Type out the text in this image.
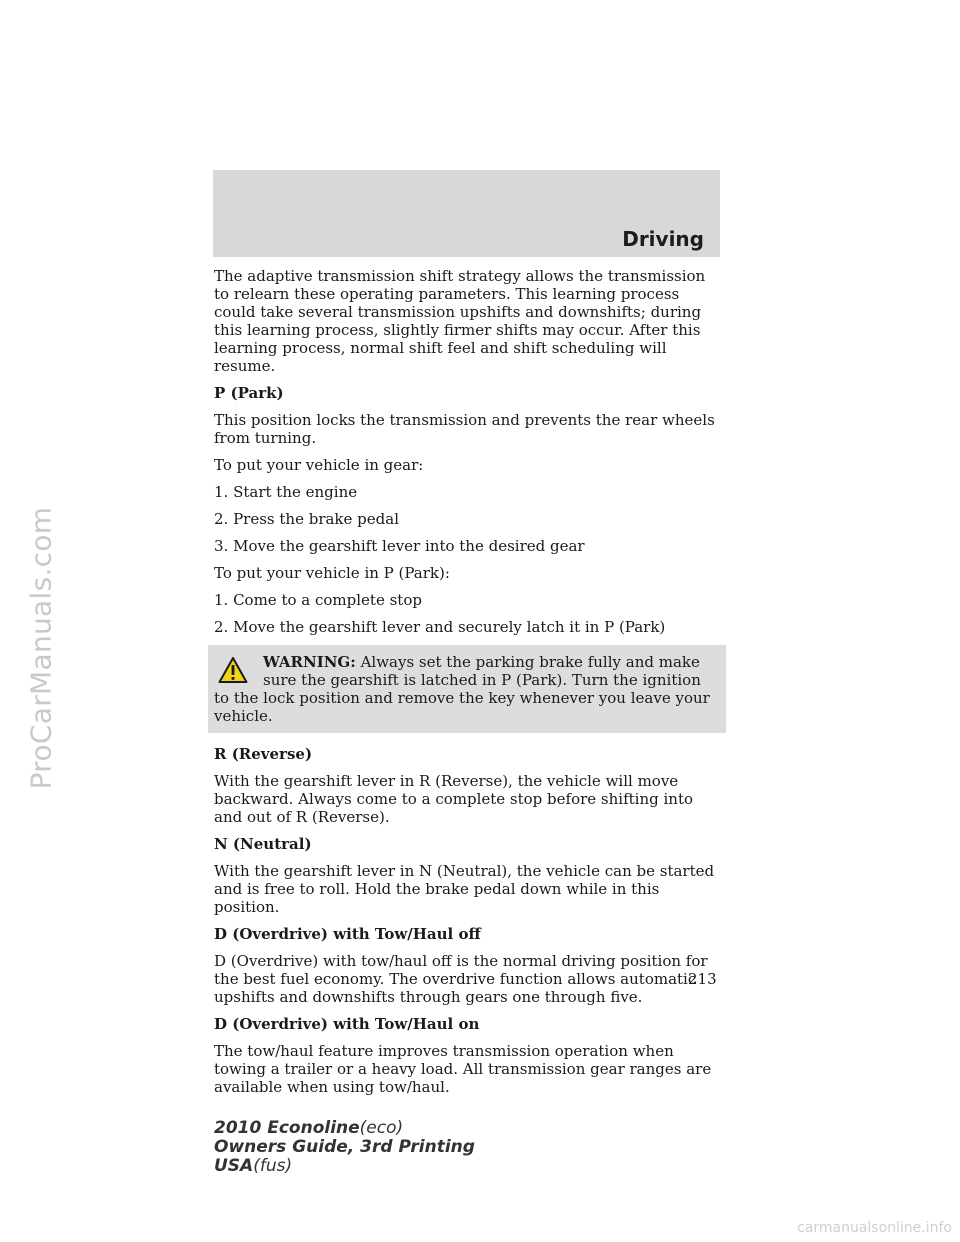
ProCarManuals.com
Driving

The adaptive transmission shift strategy allows the transmission to relearn these operating parameters. This learning process could take several transmission upshifts and downshifts; during this learning process, slightly firmer shifts may occur. After this learning process, normal shift feel and shift scheduling will resume.

P (Park)

This position locks the transmission and prevents the rear wheels from turning.

To put your vehicle in gear:

1. Start the engine
2. Press the brake pedal
3. Move the gearshift lever into the desired gear

To put your vehicle in P (Park):

1. Come to a complete stop
2. Move the gearshift lever and securely latch it in P (Park)
WARNING: Always set the parking brake fully and make sure the gearshift is latched in P (Park). Turn the ignition to the lock position and remove the key whenever you leave your vehicle.
R (Reverse)

With the gearshift lever in R (Reverse), the vehicle will move backward. Always come to a complete stop before shifting into and out of R (Reverse).

N (Neutral)

With the gearshift lever in N (Neutral), the vehicle can be started and is free to roll. Hold the brake pedal down while in this position.

D (Overdrive) with Tow/Haul off

D (Overdrive) with tow/haul off is the normal driving position for the best fuel economy. The overdrive function allows automatic upshifts and downshifts through gears one through five.

D (Overdrive) with Tow/Haul on

The tow/haul feature improves transmission operation when towing a trailer or a heavy load. All transmission gear ranges are available when using tow/haul.

213
2010 Econoline(eco)
Owners Guide, 3rd Printing
USA(fus)
carmanualsonline.info
